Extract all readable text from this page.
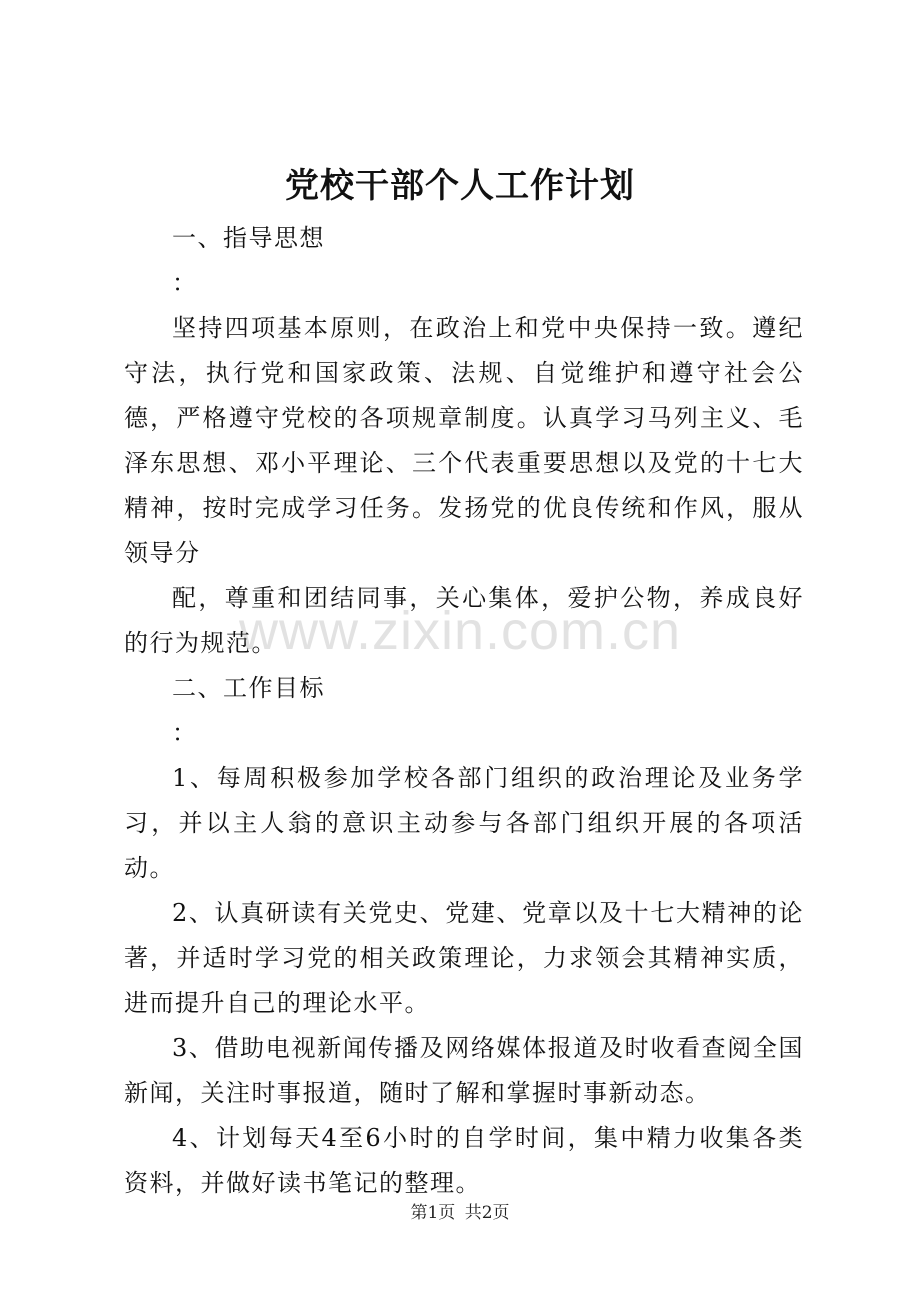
党校干部个人工作计划

一、指导思想

：

坚持四项基本原则，在政治上和党中央保持一致。遵纪守法，执行党和国家政策、法规、自觉维护和遵守社会公德，严格遵守党校的各项规章制度。认真学习马列主义、毛泽东思想、邓小平理论、三个代表重要思想以及党的十七大精神，按时完成学习任务。发扬党的优良传统和作风，服从领导分

配，尊重和团结同事，关心集体，爱护公物，养成良好的行为规范。

二、工作目标

：

1、每周积极参加学校各部门组织的政治理论及业务学习，并以主人翁的意识主动参与各部门组织开展的各项活动。

2、认真研读有关党史、党建、党章以及十七大精神的论著，并适时学习党的相关政策理论，力求领会其精神实质，进而提升自己的理论水平。

3、借助电视新闻传播及网络媒体报道及时收看查阅全国新闻，关注时事报道，随时了解和掌握时事新动态。

4、计划每天4至6小时的自学时间，集中精力收集各类资料，并做好读书笔记的整理。

www.zixin.com.cn
第1页 共2页
